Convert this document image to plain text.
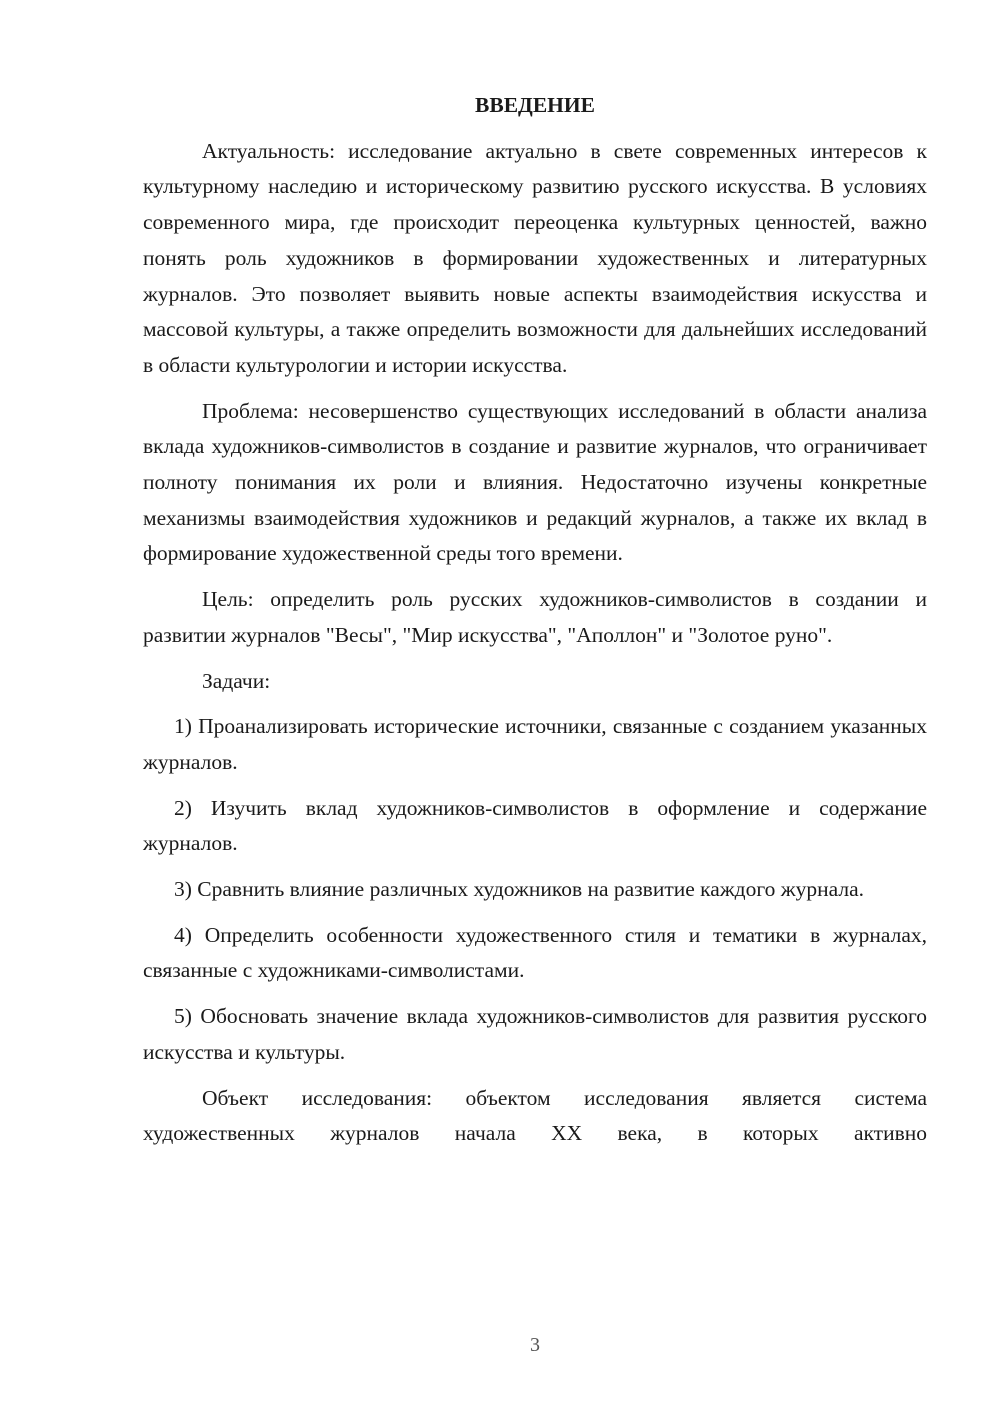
ВВЕДЕНИЕ

Актуальность: исследование актуально в свете современных интересов к культурному наследию и историческому развитию русского искусства. В условиях современного мира, где происходит переоценка культурных ценностей, важно понять роль художников в формировании художественных и литературных журналов. Это позволяет выявить новые аспекты взаимодействия искусства и массовой культуры, а также определить возможности для дальнейших исследований в области культурологии и истории искусства.

Проблема: несовершенство существующих исследований в области анализа вклада художников-символистов в создание и развитие журналов, что ограничивает полноту понимания их роли и влияния. Недостаточно изучены конкретные механизмы взаимодействия художников и редакций журналов, а также их вклад в формирование художественной среды того времени.

Цель: определить роль русских художников-символистов в создании и развитии журналов "Весы", "Мир искусства", "Аполлон" и "Золотое руно".

Задачи:

1) Проанализировать исторические источники, связанные с созданием указанных журналов.

2) Изучить вклад художников-символистов в оформление и содержание журналов.

3) Сравнить влияние различных художников на развитие каждого журнала.

4) Определить особенности художественного стиля и тематики в журналах, связанные с художниками-символистами.

5) Обосновать значение вклада художников-символистов для развития русского искусства и культуры.

Объект исследования: объектом исследования является система художественных журналов начала XX века, в которых активно

3
